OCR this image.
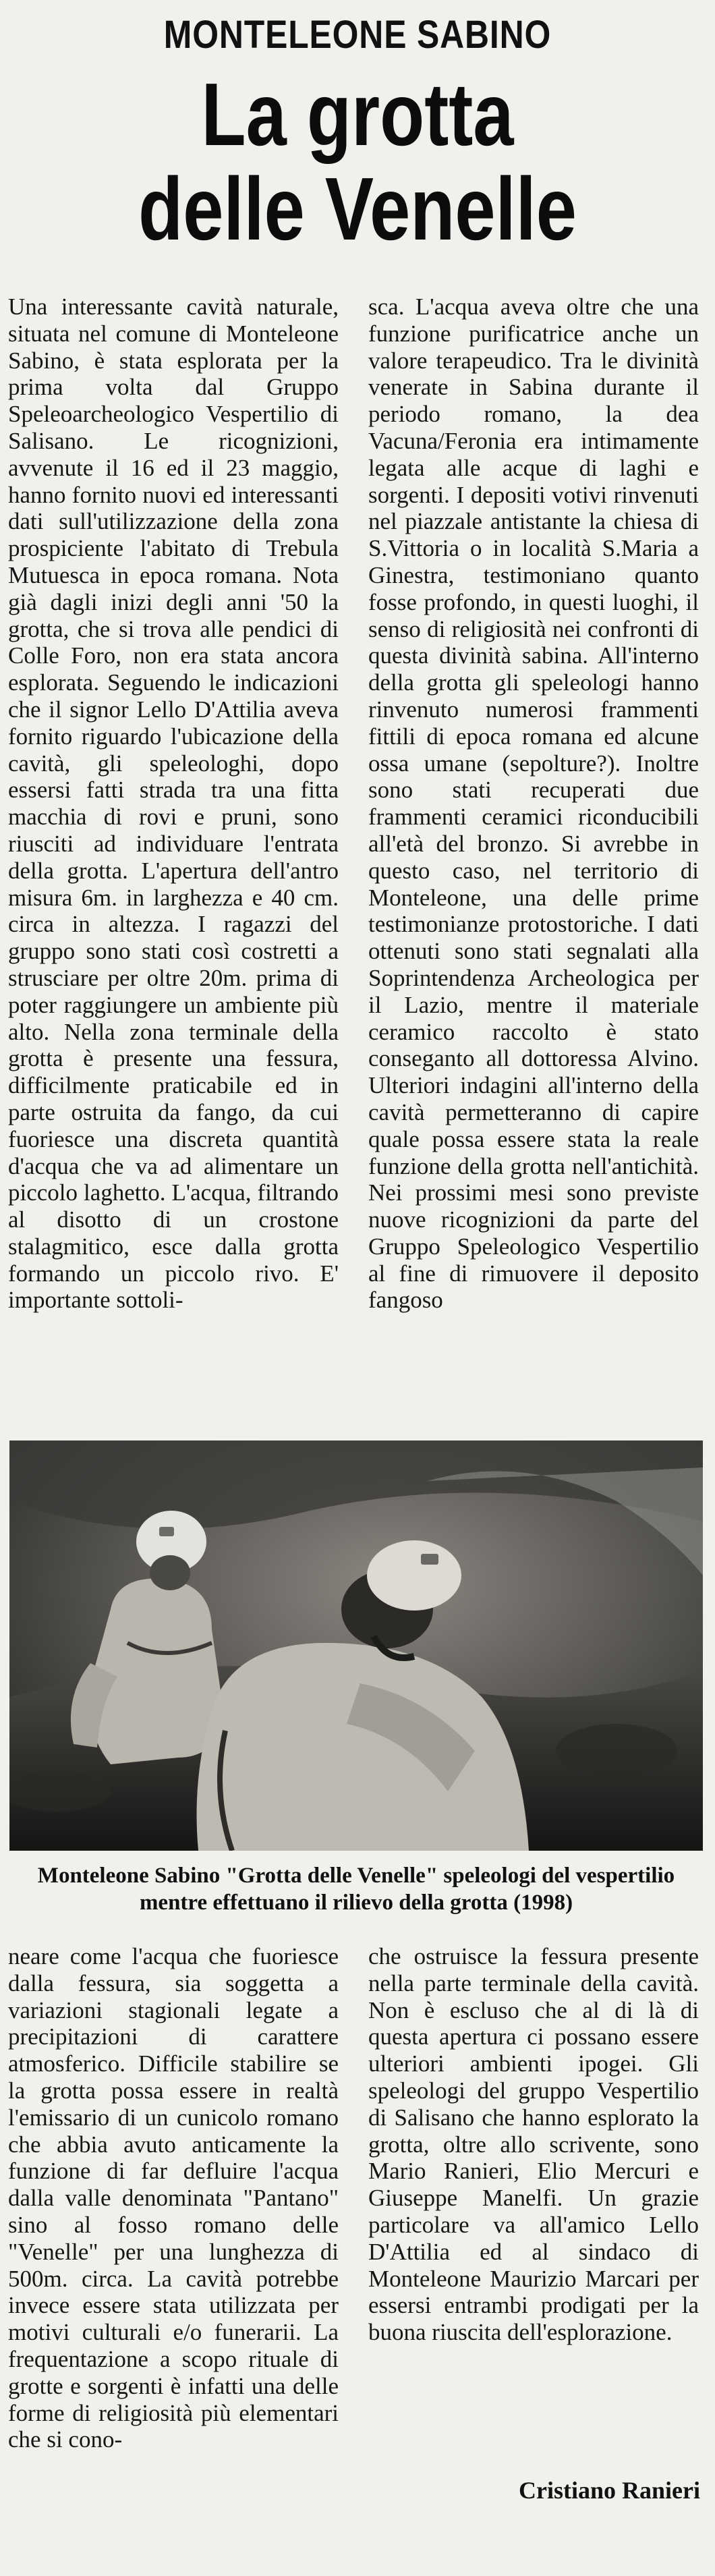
MONTELEONE SABINO
La grotta
delle Venelle

Una interessante cavità naturale, situata nel comune di Monteleone Sabino, è stata esplorata per la prima volta dal Gruppo Speleoarcheologico Vespertilio di Salisano. Le ricognizioni, avvenute il 16 ed il 23 maggio, hanno fornito nuovi ed interessanti dati sull'utilizzazione della zona prospiciente l'abitato di Trebula Mutuesca in epoca romana. Nota già dagli inizi degli anni '50 la grotta, che si trova alle pendici di Colle Foro, non era stata ancora esplorata. Seguendo le indicazioni che il signor Lello D'Attilia aveva fornito riguardo l'ubicazione della cavità, gli speleologhi, dopo essersi fatti strada tra una fitta macchia di rovi e pruni, sono riusciti ad individuare l'entrata della grotta. L'apertura dell'antro misura 6m. in larghezza e 40 cm. circa in altezza. I ragazzi del gruppo sono stati così costretti a strusciare per oltre 20m. prima di poter raggiungere un ambiente più alto. Nella zona terminale della grotta è presente una fessura, difficilmente praticabile ed in parte ostruita da fango, da cui fuoriesce una discreta quantità d'acqua che va ad alimentare un piccolo laghetto. L'acqua, filtrando al disotto di un crostone stalagmitico, esce dalla grotta formando un piccolo rivo. E' importante sottoli-

sca. L'acqua aveva oltre che una funzione purificatrice anche un valore terapeudico. Tra le divinità venerate in Sabina durante il periodo romano, la dea Vacuna/Feronia era intimamente legata alle acque di laghi e sorgenti. I depositi votivi rinvenuti nel piazzale antistante la chiesa di S.Vittoria o in località S.Maria a Ginestra, testimoniano quanto fosse profondo, in questi luoghi, il senso di religiosità nei confronti di questa divinità sabina. All'interno della grotta gli speleologi hanno rinvenuto numerosi frammenti fittili di epoca romana ed alcune ossa umane (sepolture?). Inoltre sono stati recuperati due frammenti ceramici riconducibili all'età del bronzo. Si avrebbe in questo caso, nel territorio di Monteleone, una delle prime testimonianze protostoriche. I dati ottenuti sono stati segnalati alla Soprintendenza Archeologica per il Lazio, mentre il materiale ceramico raccolto è stato conseganto all dottoressa Alvino. Ulteriori indagini all'interno della cavità permetteranno di capire quale possa essere stata la reale funzione della grotta nell'antichità. Nei prossimi mesi sono previste nuove ricognizioni da parte del Gruppo Speleologico Vespertilio al fine di rimuovere il deposito fangoso

Monteleone Sabino "Grotta delle Venelle" speleologi del vespertilio mentre effettuano il rilievo della grotta (1998)

neare come l'acqua che fuoriesce dalla fessura, sia soggetta a variazioni stagionali legate a precipitazioni di carattere atmosferico. Difficile stabilire se la grotta possa essere in realtà l'emissario di un cunicolo romano che abbia avuto anticamente la funzione di far defluire l'acqua dalla valle denominata "Pantano" sino al fosso romano delle "Venelle" per una lunghezza di 500m. circa. La cavità potrebbe invece essere stata utilizzata per motivi culturali e/o funerarii. La frequentazione a scopo rituale di grotte e sorgenti è infatti una delle forme di religiosità più elementari che si cono-

che ostruisce la fessura presente nella parte terminale della cavità. Non è escluso che al di là di questa apertura ci possano essere ulteriori ambienti ipogei. Gli speleologi del gruppo Vespertilio di Salisano che hanno esplorato la grotta, oltre allo scrivente, sono Mario Ranieri, Elio Mercuri e Giuseppe Manelfi. Un grazie particolare va all'amico Lello D'Attilia ed al sindaco di Monteleone Maurizio Marcari per essersi entrambi prodigati per la buona riuscita dell'esplorazione.

Cristiano Ranieri
